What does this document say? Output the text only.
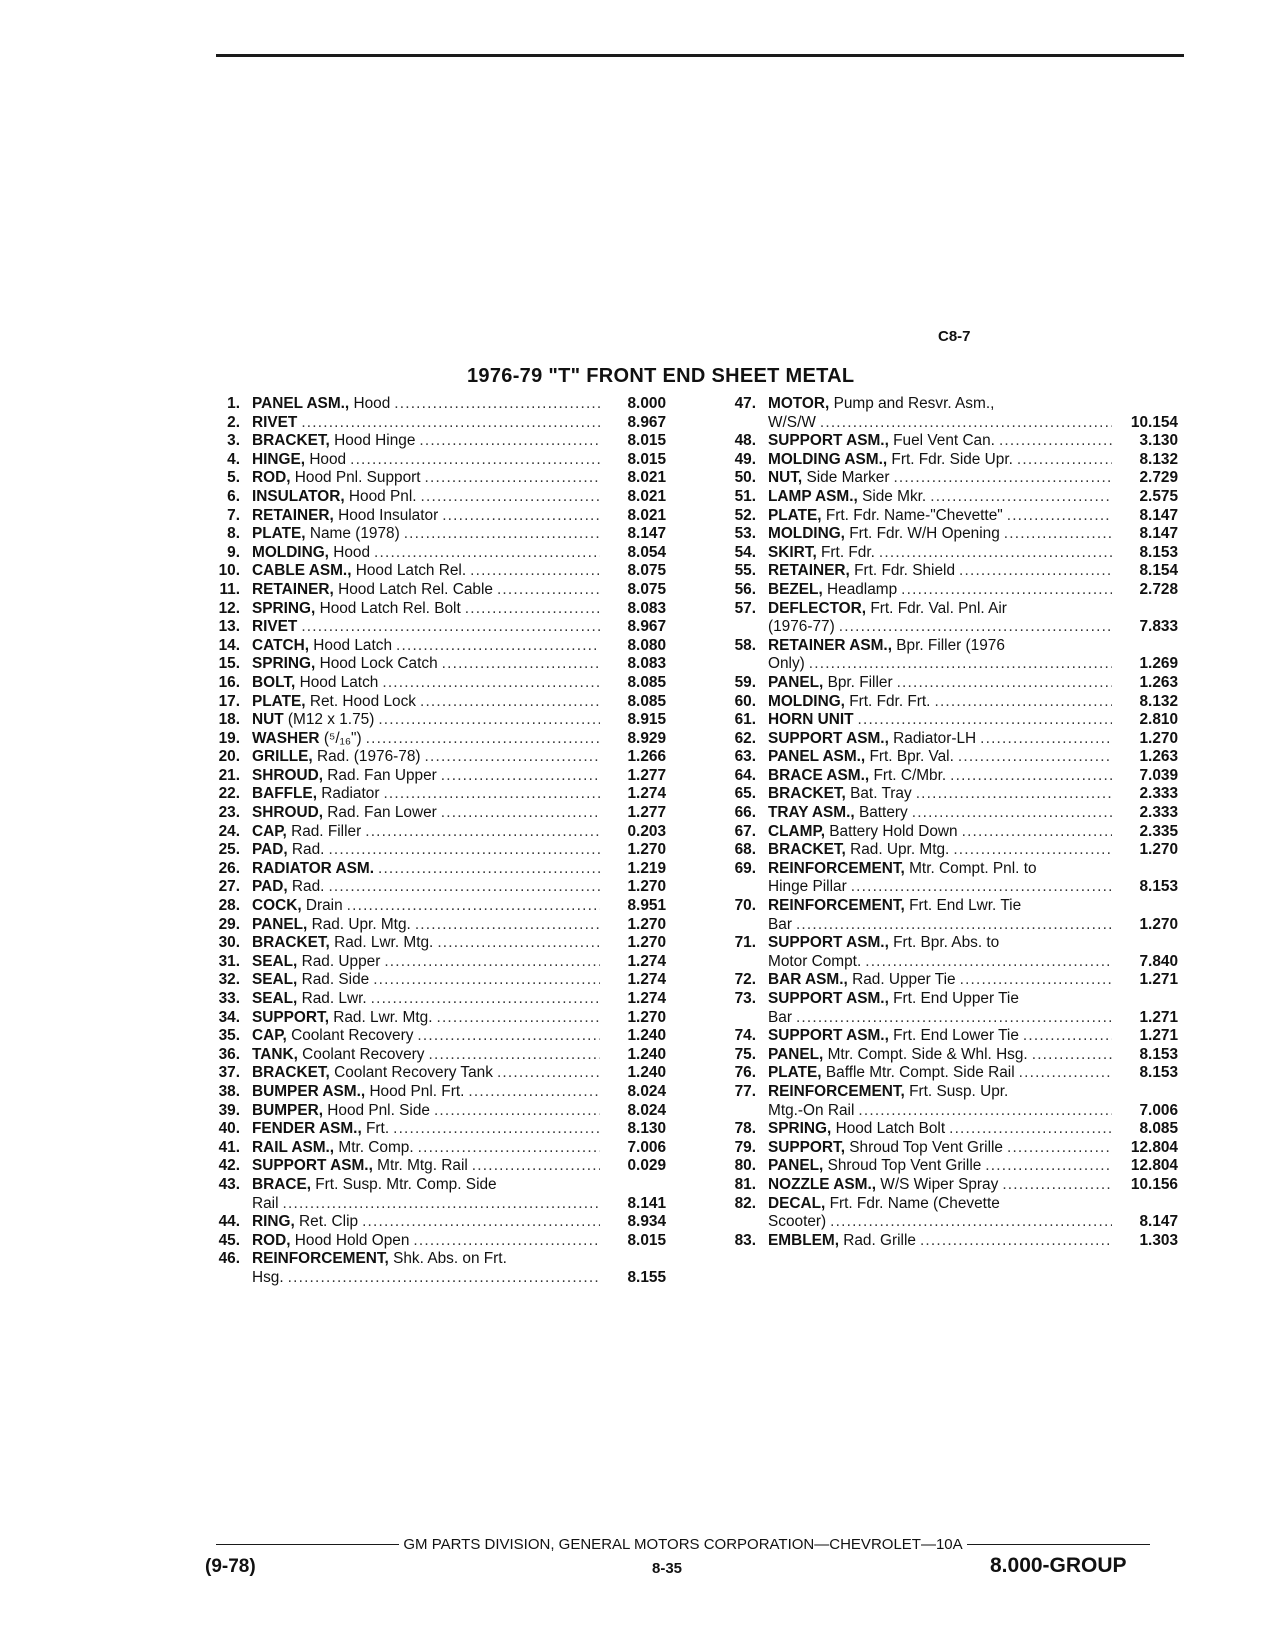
C8-7
1976-79 "T" FRONT END SHEET METAL
1. PANEL ASM., Hood .....	8.000
2. RIVET .....	8.967
3. BRACKET, Hood Hinge .....	8.015
4. HINGE, Hood .....	8.015
5. ROD, Hood Pnl. Support .....	8.021
6. INSULATOR, Hood Pnl. .....	8.021
7. RETAINER, Hood Insulator .....	8.021
8. PLATE, Name (1978) .....	8.147
9. MOLDING, Hood .....	8.054
10. CABLE ASM., Hood Latch Rel. .....	8.075
11. RETAINER, Hood Latch Rel. Cable .....	8.075
12. SPRING, Hood Latch Rel. Bolt .....	8.083
13. RIVET .....	8.967
14. CATCH, Hood Latch .....	8.080
15. SPRING, Hood Lock Catch .....	8.083
16. BOLT, Hood Latch .....	8.085
17. PLATE, Ret. Hood Lock .....	8.085
18. NUT (M12 x 1.75) .....	8.915
19. WASHER (⁵/₁₆") .....	8.929
20. GRILLE, Rad. (1976-78) .....	1.266
21. SHROUD, Rad. Fan Upper .....	1.277
22. BAFFLE, Radiator .....	1.274
23. SHROUD, Rad. Fan Lower .....	1.277
24. CAP, Rad. Filler .....	0.203
25. PAD, Rad. .....	1.270
26. RADIATOR ASM. .....	1.219
27. PAD, Rad. .....	1.270
28. COCK, Drain .....	8.951
29. PANEL, Rad. Upr. Mtg. .....	1.270
30. BRACKET, Rad. Lwr. Mtg. .....	1.270
31. SEAL, Rad. Upper .....	1.274
32. SEAL, Rad. Side .....	1.274
33. SEAL, Rad. Lwr. .....	1.274
34. SUPPORT, Rad. Lwr. Mtg. .....	1.270
35. CAP, Coolant Recovery .....	1.240
36. TANK, Coolant Recovery .....	1.240
37. BRACKET, Coolant Recovery Tank .....	1.240
38. BUMPER ASM., Hood Pnl. Frt. .....	8.024
39. BUMPER, Hood Pnl. Side .....	8.024
40. FENDER ASM., Frt. .....	8.130
41. RAIL ASM., Mtr. Comp. .....	7.006
42. SUPPORT ASM., Mtr. Mtg. Rail .....	0.029
43. BRACE, Frt. Susp. Mtr. Comp. Side
Rail .....	8.141
44. RING, Ret. Clip .....	8.934
45. ROD, Hood Hold Open .....	8.015
46. REINFORCEMENT, Shk. Abs. on Frt.
Hsg. .....	8.155
47. MOTOR, Pump and Resvr. Asm.,
W/S/W .....	10.154
48. SUPPORT ASM., Fuel Vent Can. .....	3.130
49. MOLDING ASM., Frt. Fdr. Side Upr. .....	8.132
50. NUT, Side Marker .....	2.729
51. LAMP ASM., Side Mkr. .....	2.575
52. PLATE, Frt. Fdr. Name-"Chevette" .....	8.147
53. MOLDING, Frt. Fdr. W/H Opening .....	8.147
54. SKIRT, Frt. Fdr. .....	8.153
55. RETAINER, Frt. Fdr. Shield .....	8.154
56. BEZEL, Headlamp .....	2.728
57. DEFLECTOR, Frt. Fdr. Val. Pnl. Air
(1976-77) .....	7.833
58. RETAINER ASM., Bpr. Filler (1976
Only) .....	1.269
59. PANEL, Bpr. Filler .....	1.263
60. MOLDING, Frt. Fdr. Frt. .....	8.132
61. HORN UNIT .....	2.810
62. SUPPORT ASM., Radiator-LH .....	1.270
63. PANEL ASM., Frt. Bpr. Val. .....	1.263
64. BRACE ASM., Frt. C/Mbr. .....	7.039
65. BRACKET, Bat. Tray .....	2.333
66. TRAY ASM., Battery .....	2.333
67. CLAMP, Battery Hold Down .....	2.335
68. BRACKET, Rad. Upr. Mtg. .....	1.270
69. REINFORCEMENT, Mtr. Compt. Pnl. to
Hinge Pillar .....	8.153
70. REINFORCEMENT, Frt. End Lwr. Tie
Bar .....	1.270
71. SUPPORT ASM., Frt. Bpr. Abs. to
Motor Compt. .....	7.840
72. BAR ASM., Rad. Upper Tie .....	1.271
73. SUPPORT ASM., Frt. End Upper Tie
Bar .....	1.271
74. SUPPORT ASM., Frt. End Lower Tie .....	1.271
75. PANEL, Mtr. Compt. Side & Whl. Hsg. .....	8.153
76. PLATE, Baffle Mtr. Compt. Side Rail .....	8.153
77. REINFORCEMENT, Frt. Susp. Upr.
Mtg.-On Rail .....	7.006
78. SPRING, Hood Latch Bolt .....	8.085
79. SUPPORT, Shroud Top Vent Grille .....	12.804
80. PANEL, Shroud Top Vent Grille .....	12.804
81. NOZZLE ASM., W/S Wiper Spray .....	10.156
82. DECAL, Frt. Fdr. Name (Chevette
Scooter) .....	8.147
83. EMBLEM, Rad. Grille .....	1.303
GM PARTS DIVISION, GENERAL MOTORS CORPORATION—CHEVROLET—10A
(9-78)	8-35	8.000-GROUP
